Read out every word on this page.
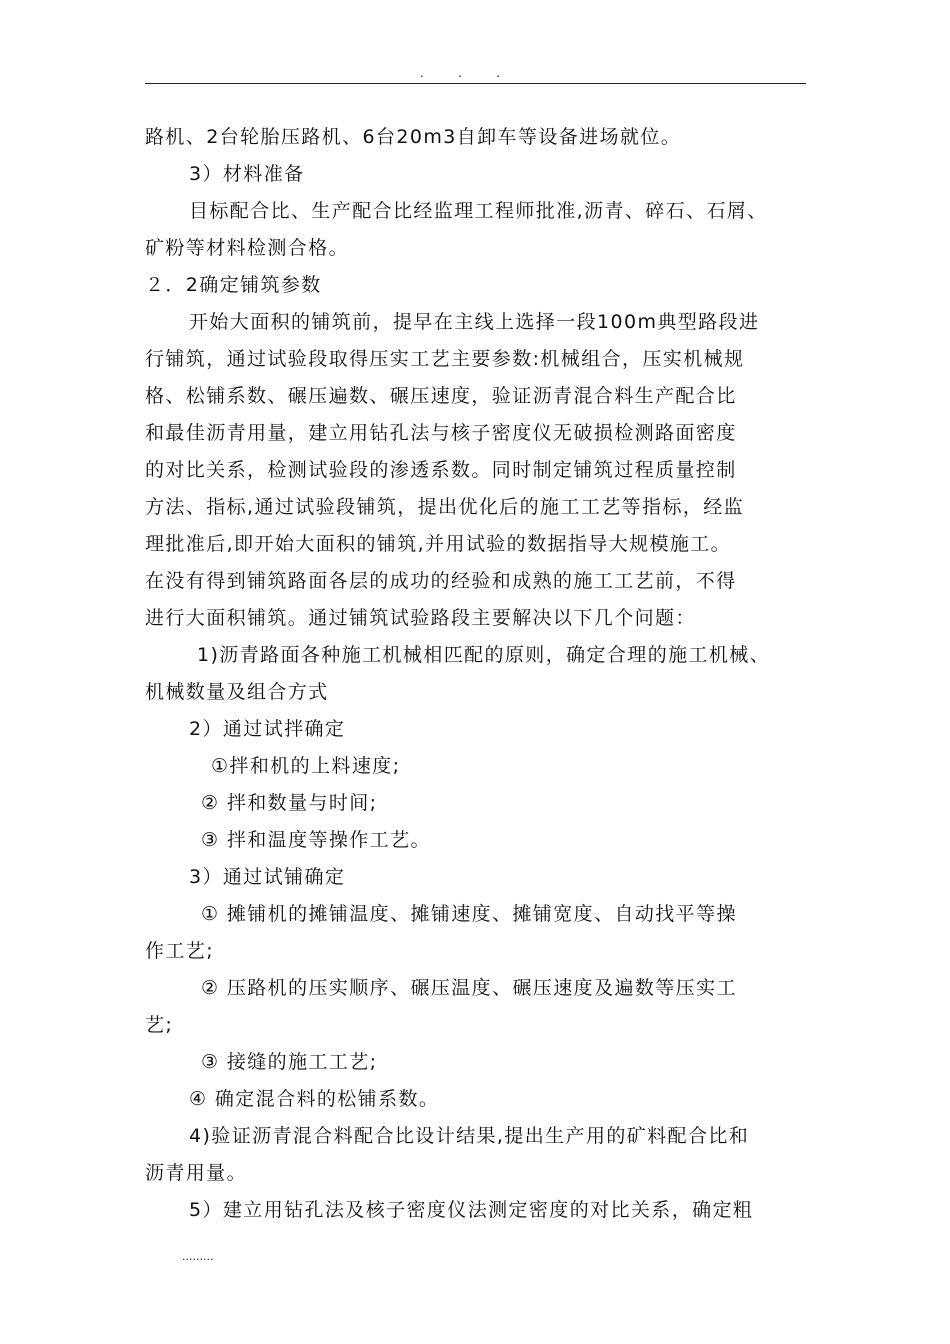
.         .         .
路机、2台轮胎压路机、6台20m3自卸车等设备进场就位。
3）材料准备
目标配合比、生产配合比经监理工程师批准,沥青、碎石、石屑、
矿粉等材料检测合格。
２．2确定铺筑参数
开始大面积的铺筑前，提早在主线上选择一段100m典型路段进
行铺筑，通过试验段取得压实工艺主要参数:机械组合，压实机械规
格、松铺系数、碾压遍数、碾压速度，验证沥青混合料生产配合比
和最佳沥青用量，建立用钻孔法与核子密度仪无破损检测路面密度
的对比关系，检测试验段的渗透系数。同时制定铺筑过程质量控制
方法、指标,通过试验段铺筑，提出优化后的施工工艺等指标，经监
理批准后,即开始大面积的铺筑,并用试验的数据指导大规模施工。
在没有得到铺筑路面各层的成功的经验和成熟的施工工艺前，不得
进行大面积铺筑。通过铺筑试验路段主要解决以下几个问题：
1)沥青路面各种施工机械相匹配的原则，确定合理的施工机械、
机械数量及组合方式
2）通过试拌确定
①拌和机的上料速度;
② 拌和数量与时间;
③ 拌和温度等操作工艺。
3）通过试铺确定
① 摊铺机的摊铺温度、摊铺速度、摊铺宽度、自动找平等操
作工艺;
② 压路机的压实顺序、碾压温度、碾压速度及遍数等压实工
艺;
③ 接缝的施工工艺;
④ 确定混合料的松铺系数。
4)验证沥青混合料配合比设计结果,提出生产用的矿料配合比和
沥青用量。
5）建立用钻孔法及核子密度仪法测定密度的对比关系，确定粗
.........
